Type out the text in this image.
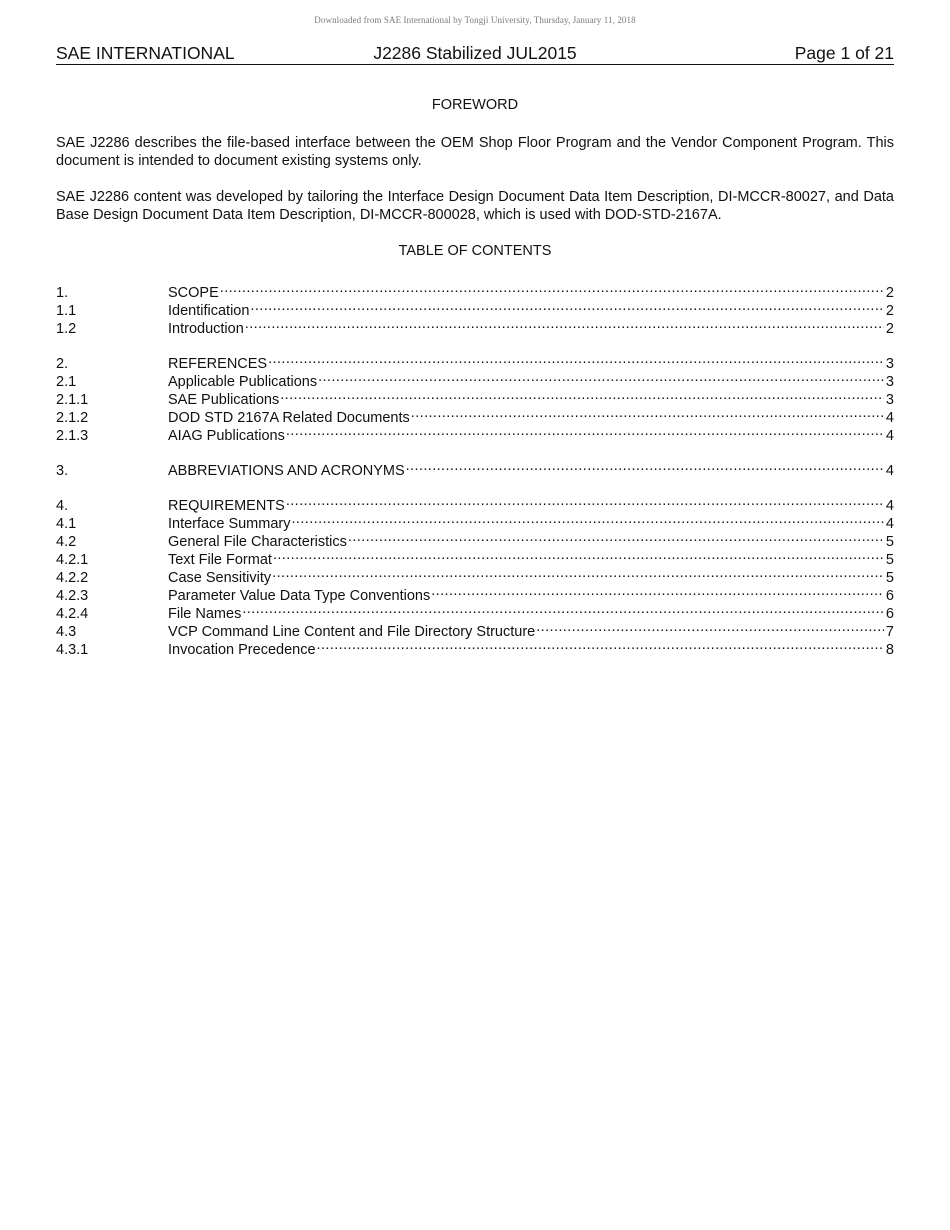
Downloaded from SAE International by Tongji University, Thursday, January 11, 2018
J2286 Stabilized JUL2015
SAE INTERNATIONAL	Page 1 of 21
FOREWORD

SAE J2286 describes the file-based interface between the OEM Shop Floor Program and the Vendor Component Program. This document is intended to document existing systems only.

SAE J2286 content was developed by tailoring the Interface Design Document Data Item Description, DI-MCCR-80027, and Data Base Design Document Data Item Description, DI-MCCR-800028, which is used with DOD-STD-2167A.

TABLE OF CONTENTS
1.	SCOPE .....	2
1.1	Identification .....	2
1.2	Introduction .....	2
2.	REFERENCES .....	3
2.1	Applicable Publications .....	3
2.1.1	SAE Publications .....	3
2.1.2	DOD STD 2167A Related Documents .....	4
2.1.3	AIAG Publications .....	4
3.	ABBREVIATIONS AND ACRONYMS .....	4
4.	REQUIREMENTS .....	4
4.1	Interface Summary .....	4
4.2	General File Characteristics .....	5
4.2.1	Text File Format .....	5
4.2.2	Case Sensitivity .....	5
4.2.3	Parameter Value Data Type Conventions .....	6
4.2.4	File Names .....	6
4.3	VCP Command Line Content and File Directory Structure .....	7
4.3.1	Invocation Precedence .....	8
